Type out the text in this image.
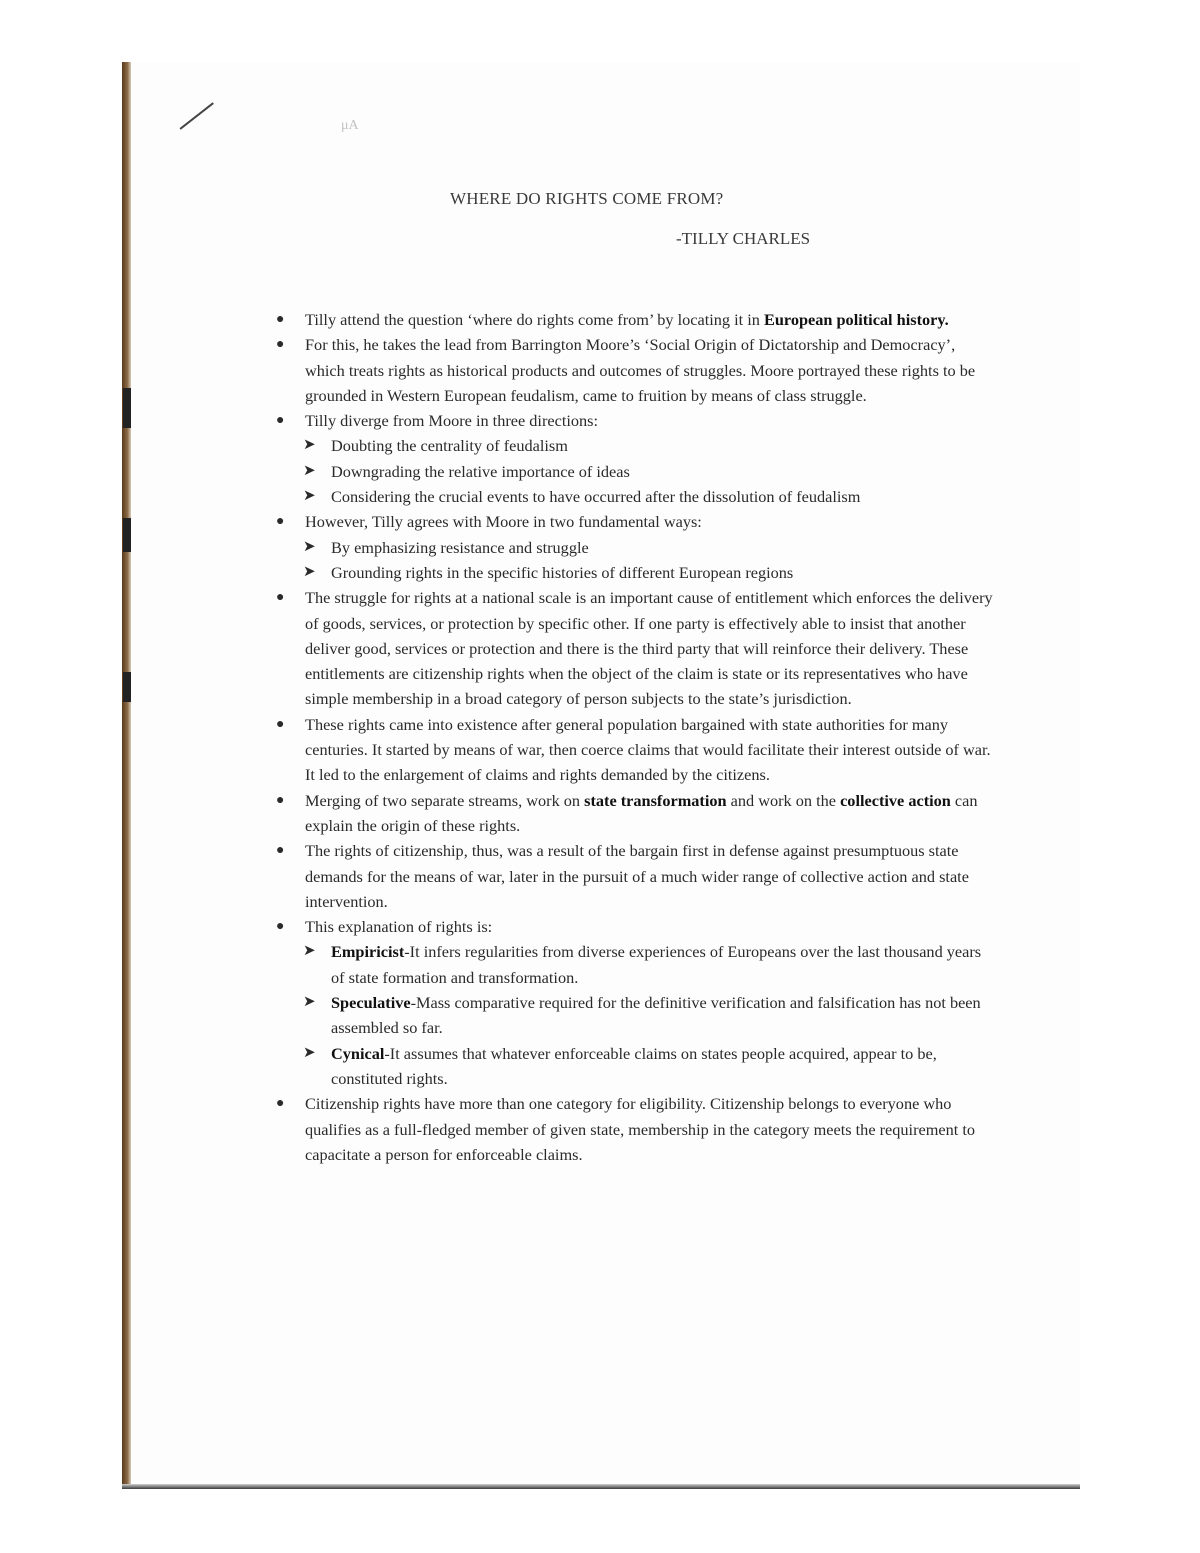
μA
WHERE DO RIGHTS COME FROM?
-TILLY CHARLES
● Tilly attend the question ‘where do rights come from’ by locating it in European political history.
● For this, he takes the lead from Barrington Moore’s ‘Social Origin of Dictatorship and Democracy’, which treats rights as historical products and outcomes of struggles. Moore portrayed these rights to be grounded in Western European feudalism, came to fruition by means of class struggle.
● Tilly diverge from Moore in three directions:
➤ Doubting the centrality of feudalism
➤ Downgrading the relative importance of ideas
➤ Considering the crucial events to have occurred after the dissolution of feudalism
● However, Tilly agrees with Moore in two fundamental ways:
➤ By emphasizing resistance and struggle
➤ Grounding rights in the specific histories of different European regions
● The struggle for rights at a national scale is an important cause of entitlement which enforces the delivery of goods, services, or protection by specific other. If one party is effectively able to insist that another deliver good, services or protection and there is the third party that will reinforce their delivery. These entitlements are citizenship rights when the object of the claim is state or its representatives who have simple membership in a broad category of person subjects to the state’s jurisdiction.
● These rights came into existence after general population bargained with state authorities for many centuries. It started by means of war, then coerce claims that would facilitate their interest outside of war. It led to the enlargement of claims and rights demanded by the citizens.
● Merging of two separate streams, work on state transformation and work on the collective action can explain the origin of these rights.
● The rights of citizenship, thus, was a result of the bargain first in defense against presumptuous state demands for the means of war, later in the pursuit of a much wider range of collective action and state intervention.
● This explanation of rights is:
➤ Empiricist-It infers regularities from diverse experiences of Europeans over the last thousand years of state formation and transformation.
➤ Speculative-Mass comparative required for the definitive verification and falsification has not been assembled so far.
➤ Cynical-It assumes that whatever enforceable claims on states people acquired, appear to be, constituted rights.
● Citizenship rights have more than one category for eligibility. Citizenship belongs to everyone who qualifies as a full-fledged member of given state, membership in the category meets the requirement to capacitate a person for enforceable claims.
